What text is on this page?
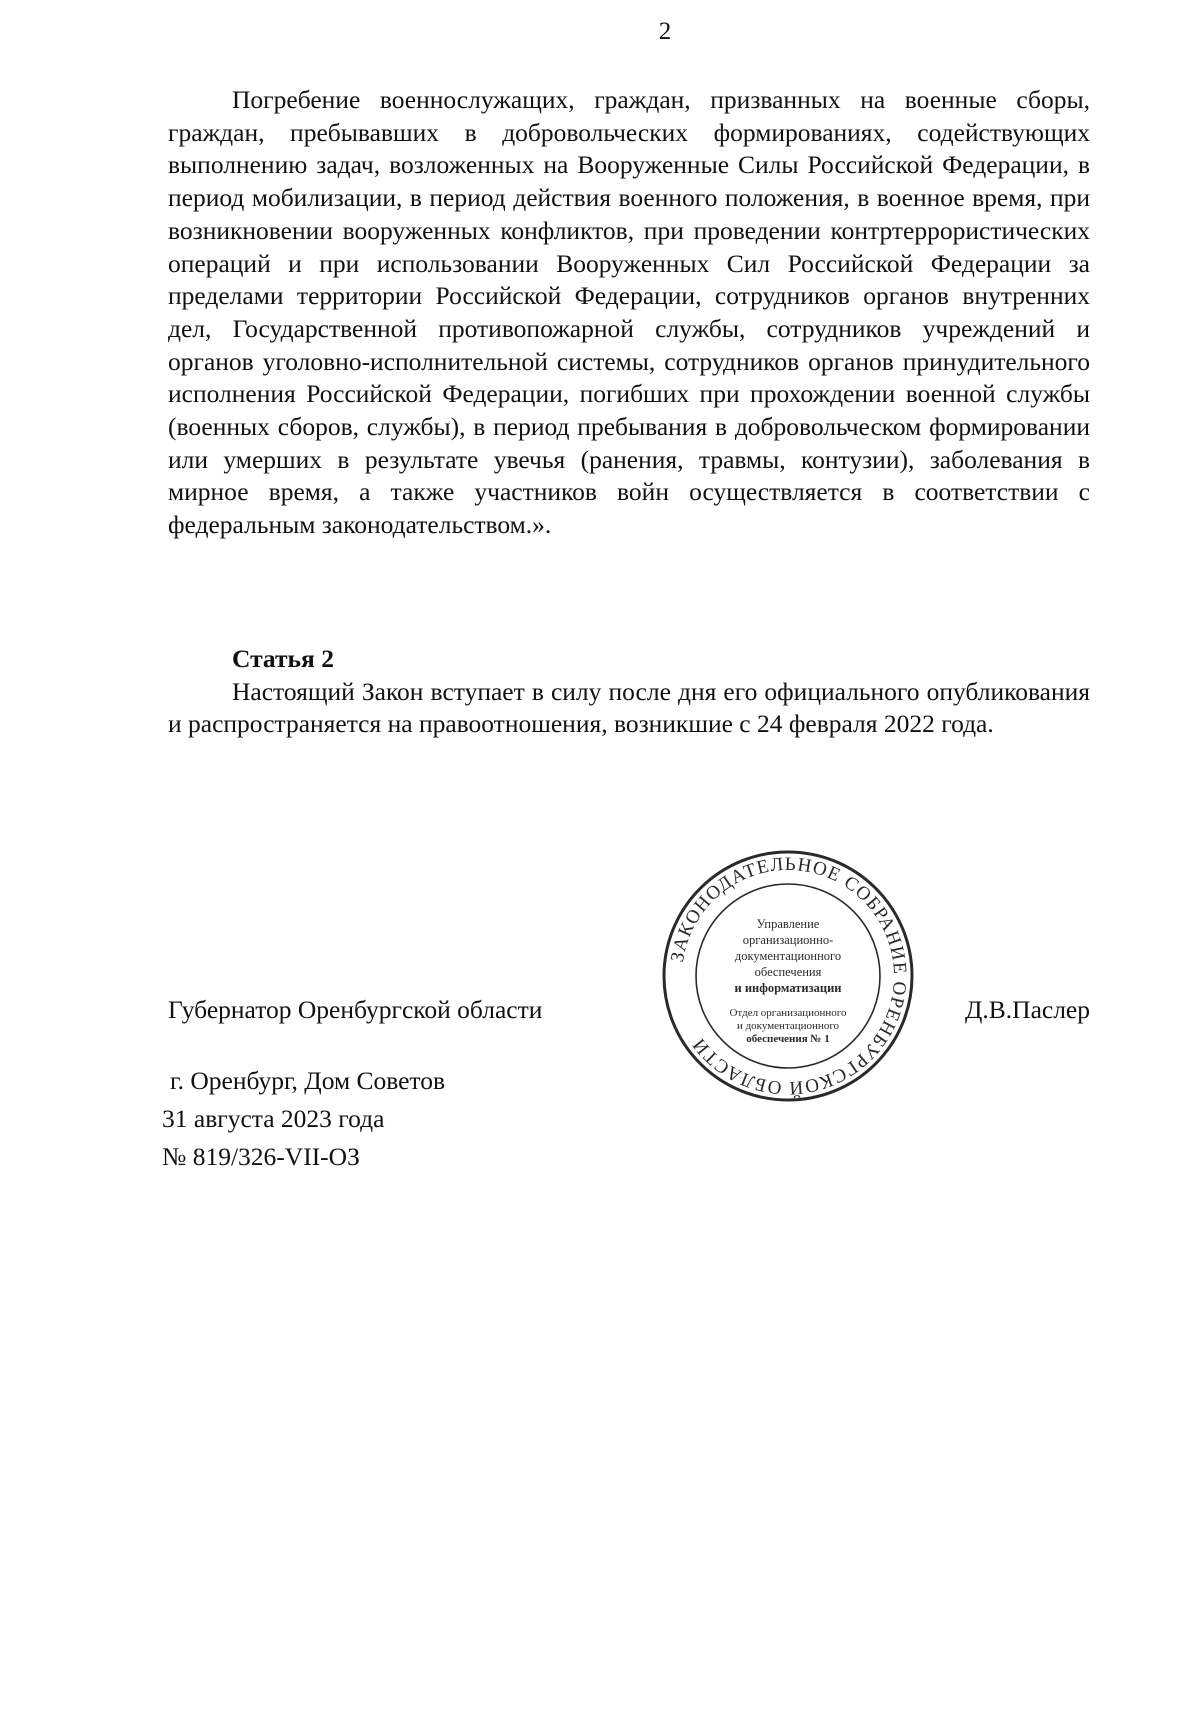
2

Погребение военнослужащих, граждан, призванных на военные сборы, граждан, пребывавших в добровольческих формированиях, содействующих выполнению задач, возложенных на Вооруженные Силы Российской Федерации, в период мобилизации, в период действия военного положения, в военное время, при возникновении вооруженных конфликтов, при проведении контртеррористических операций и при использовании Вооруженных Сил Российской Федерации за пределами территории Российской Федерации, сотрудников органов внутренних дел, Государственной противопожарной службы, сотрудников учреждений и органов уголовно-исполнительной системы, сотрудников органов принудительного исполнения Российской Федерации, погибших при прохождении военной службы (военных сборов, службы), в период пребывания в добровольческом формировании или умерших в результате увечья (ранения, травмы, контузии), заболевания в мирное время, а также участников войн осуществляется в соответствии с федеральным законодательством.».

Статья 2

Настоящий Закон вступает в силу после дня его официального опубликования и распространяется на правоотношения, возникшие с 24 февраля 2022 года.

Губернатор Оренбургской области	Д.В.Паслер
ЗАКОНОДАТЕЛЬНОЕ СОБРАНИЕ ОРЕНБУРГСКОЙ ОБЛАСТИ
Управление
организационно-
документационного
обеспечения
и информатизации
Отдел организационного
и документационного
обеспечения № 1
г. Оренбург, Дом Советов
31 августа 2023 года
№ 819/326-VII-ОЗ
